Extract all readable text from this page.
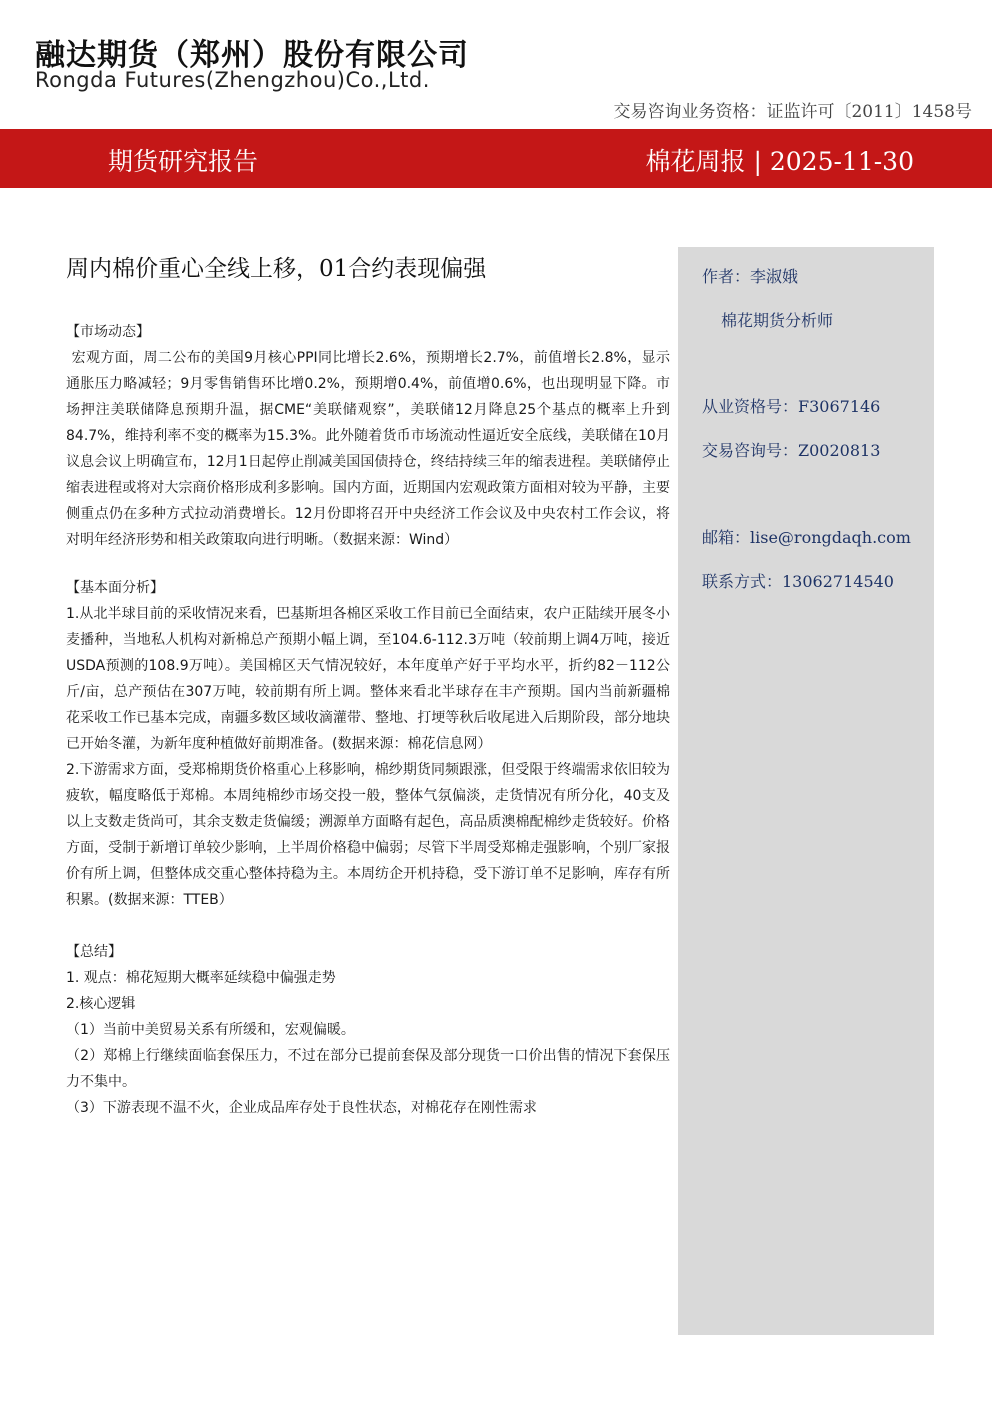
融达期货（郑州）股份有限公司
Rongda Futures(Zhengzhou)Co.,Ltd.
交易咨询业务资格：证监许可〔2011〕1458号
期货研究报告	棉花周报 | 2025-11-30
周内棉价重心全线上移，01合约表现偏强
【市场动态】

宏观方面，周二公布的美国9月核心PPI同比增长2.6%，预期增长2.7%，前值增长2.8%，显示通胀压力略减轻；9月零售销售环比增0.2%，预期增0.4%，前值增0.6%，也出现明显下降。市场押注美联储降息预期升温，据CME“美联储观察”，美联储12月降息25个基点的概率上升到84.7%，维持利率不变的概率为15.3%。此外随着货币市场流动性逼近安全底线，美联储在10月议息会议上明确宣布，12月1日起停止削减美国国债持仓，终结持续三年的缩表进程。美联储停止缩表进程或将对大宗商价格形成利多影响。国内方面，近期国内宏观政策方面相对较为平静，主要侧重点仍在多种方式拉动消费增长。12月份即将召开中央经济工作会议及中央农村工作会议，将对明年经济形势和相关政策取向进行明晰。（数据来源：Wind）

【基本面分析】

1.从北半球目前的采收情况来看，巴基斯坦各棉区采收工作目前已全面结束，农户正陆续开展冬小麦播种，当地私人机构对新棉总产预期小幅上调，至104.6-112.3万吨（较前期上调4万吨，接近USDA预测的108.9万吨）。美国棉区天气情况较好，本年度单产好于平均水平，折约82－112公斤/亩，总产预估在307万吨，较前期有所上调。整体来看北半球存在丰产预期。国内当前新疆棉花采收工作已基本完成，南疆多数区域收滴灌带、整地、打埂等秋后收尾进入后期阶段，部分地块已开始冬灌，为新年度种植做好前期准备。(数据来源：棉花信息网）

2.下游需求方面，受郑棉期货价格重心上移影响，棉纱期货同频跟涨，但受限于终端需求依旧较为疲软，幅度略低于郑棉。本周纯棉纱市场交投一般，整体气氛偏淡，走货情况有所分化，40支及以上支数走货尚可，其余支数走货偏缓；溯源单方面略有起色，高品质澳棉配棉纱走货较好。价格方面，受制于新增订单较少影响，上半周价格稳中偏弱；尽管下半周受郑棉走强影响，个别厂家报价有所上调，但整体成交重心整体持稳为主。本周纺企开机持稳，受下游订单不足影响，库存有所积累。(数据来源：TTEB）

【总结】

1. 观点：棉花短期大概率延续稳中偏强走势

2.核心逻辑

（1）当前中美贸易关系有所缓和，宏观偏暖。

（2）郑棉上行继续面临套保压力，不过在部分已提前套保及部分现货一口价出售的情况下套保压力不集中。

（3）下游表现不温不火，企业成品库存处于良性状态，对棉花存在刚性需求

作者：李淑娥
棉花期货分析师
从业资格号：F3067146
交易咨询号：Z0020813
邮箱：lise@rongdaqh.com
联系方式：13062714540
